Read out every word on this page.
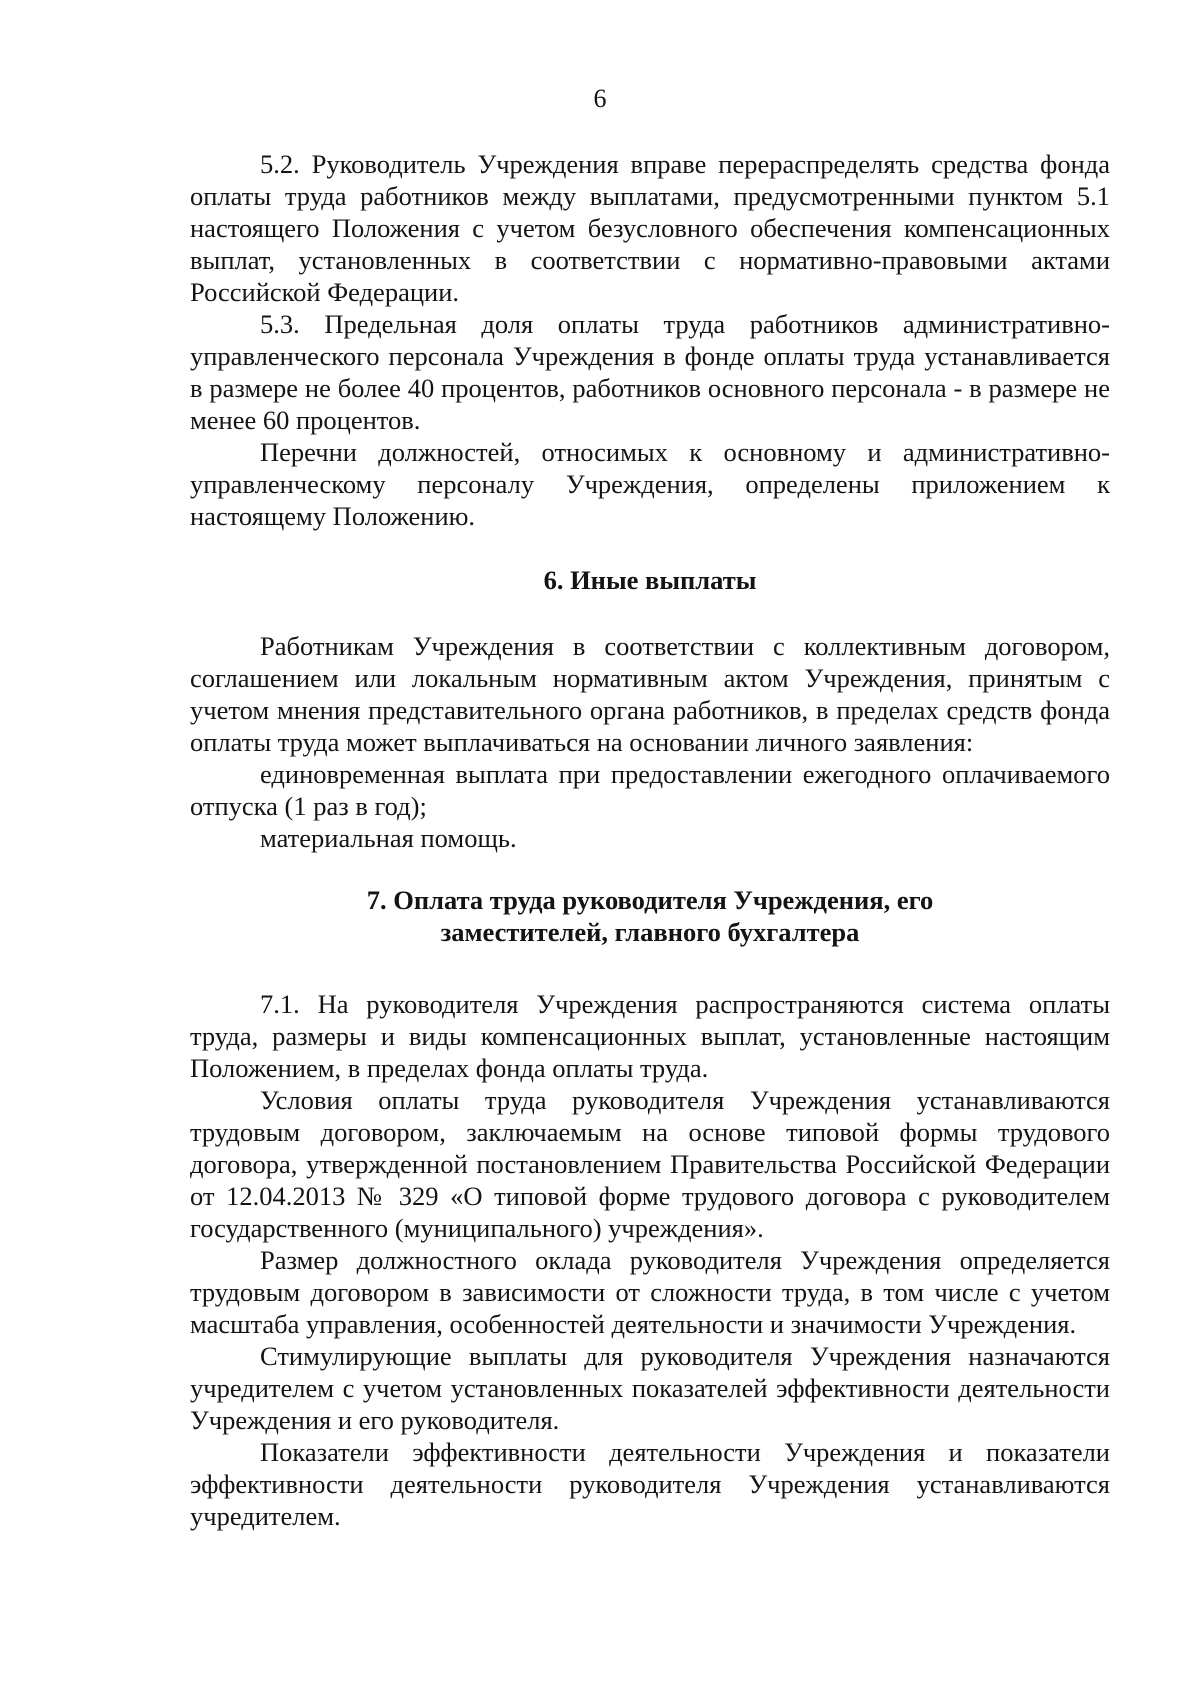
6

5.2. Руководитель Учреждения вправе перераспределять средства фонда оплаты труда работников между выплатами, предусмотренными пунктом 5.1 настоящего Положения с учетом безусловного обеспечения компенсационных выплат, установленных в соответствии с нормативно-правовыми актами Российской Федерации.

5.3. Предельная доля оплаты труда работников административно-управленческого персонала Учреждения в фонде оплаты труда устанавливается в размере не более 40 процентов, работников основного персонала - в размере не менее 60 процентов.

Перечни должностей, относимых к основному и административно-управленческому персоналу Учреждения, определены приложением к настоящему Положению.

6. Иные выплаты

Работникам Учреждения в соответствии с коллективным договором, соглашением или локальным нормативным актом Учреждения, принятым с учетом мнения представительного органа работников, в пределах средств фонда оплаты труда может выплачиваться на основании личного заявления:

единовременная выплата при предоставлении ежегодного оплачиваемого отпуска (1 раз в год);

материальная помощь.

7. Оплата труда руководителя Учреждения, его
заместителей, главного бухгалтера

7.1. На руководителя Учреждения распространяются система оплаты труда, размеры и виды компенсационных выплат, установленные настоящим Положением, в пределах фонда оплаты труда.

Условия оплаты труда руководителя Учреждения устанавливаются трудовым договором, заключаемым на основе типовой формы трудового договора, утвержденной постановлением Правительства Российской Федерации от 12.04.2013 № 329 «О типовой форме трудового договора с руководителем государственного (муниципального) учреждения».

Размер должностного оклада руководителя Учреждения определяется трудовым договором в зависимости от сложности труда, в том числе с учетом масштаба управления, особенностей деятельности и значимости Учреждения.

Стимулирующие выплаты для руководителя Учреждения назначаются учредителем с учетом установленных показателей эффективности деятельности Учреждения и его руководителя.

Показатели эффективности деятельности Учреждения и показатели эффективности деятельности руководителя Учреждения устанавливаются учредителем.
